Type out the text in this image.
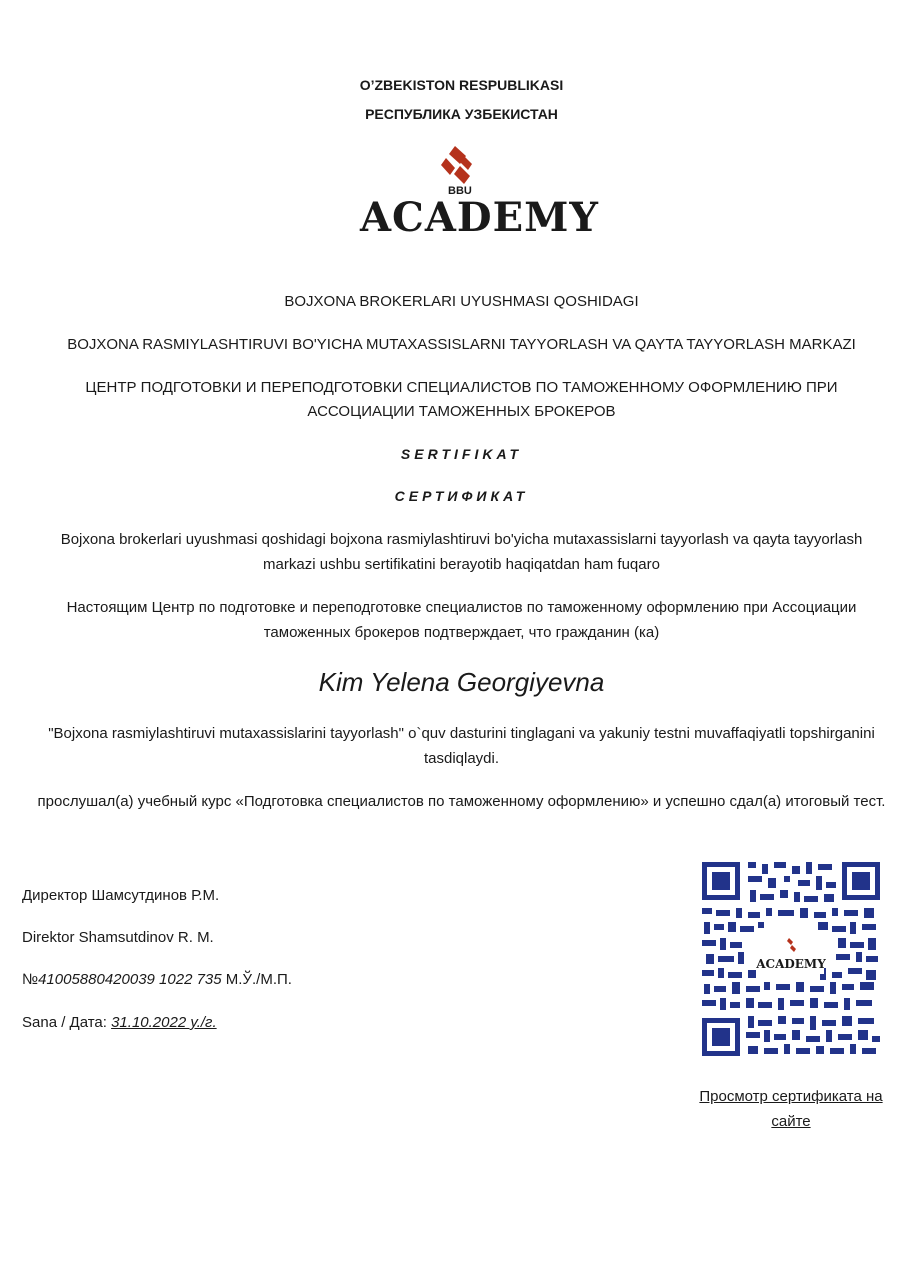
O’ZBEKISTON RESPUBLIKASI
РЕСПУБЛИКА УЗБЕКИСТАН
BBU
ACADEMY
BOJXONA BROKERLARI UYUSHMASI QOSHIDAGI
BOJXONA RASMIYLASHTIRUVI BO'YICHA MUTAXASSISLARNI TAYYORLASH VA QAYTA TAYYORLASH MARKAZI
ЦЕНТР ПОДГОТОВКИ И ПЕРЕПОДГОТОВКИ СПЕЦИАЛИСТОВ ПО ТАМОЖЕННОМУ ОФОРМЛЕНИЮ ПРИ
АССОЦИАЦИИ ТАМОЖЕННЫХ БРОКЕРОВ
SERTIFIKAT
СЕРТИФИКАТ
Bojxona brokerlari uyushmasi qoshidagi bojxona rasmiylashtiruvi bo'yicha mutaxassislarni tayyorlash va qayta tayyorlash
markazi ushbu sertifikatini berayotib haqiqatdan ham fuqaro
Настоящим Центр по подготовке и переподготовке специалистов по таможенному оформлению при Ассоциации
таможенных брокеров подтверждает, что гражданин (ка)
Kim Yelena Georgiyevna
"Bojxona rasmiylashtiruvi mutaxassislarini tayyorlash" o`quv dasturini tinglagani va yakuniy testni muvaffaqiyatli topshirganini
tasdiqlaydi.
прослушал(а) учебный курс «Подготовка специалистов по таможенному оформлению» и успешно сдал(а) итоговый тест.
Директор Шамсутдинов Р.М.
Direktor Shamsutdinov R. M.
№41005880420039 1022 735 М.Ў./М.П.
Sana / Дата: 31.10.2022 y./г.
ACADEMY
Просмотр сертификата на
сайте
